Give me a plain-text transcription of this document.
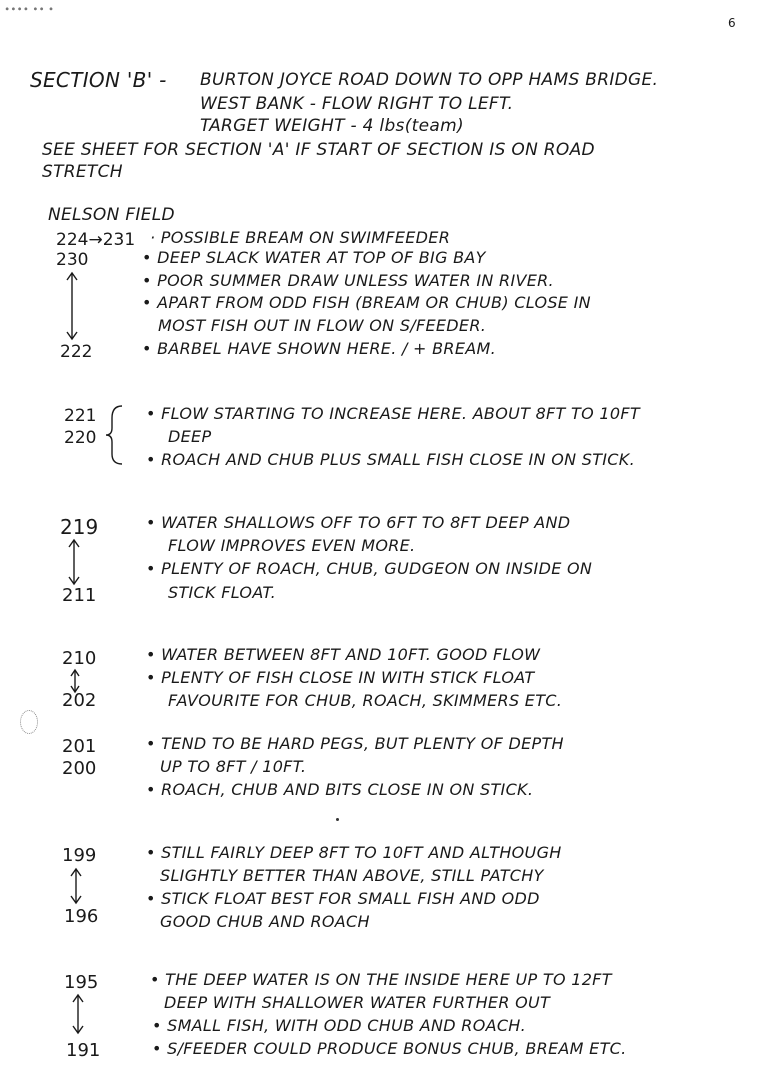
∙∙∙∙ ∙∙ ∙
6
SECTION 'B' - BURTON JOYCE ROAD DOWN TO OPP HAMS BRIDGE.
WEST BANK - FLOW RIGHT TO LEFT.
TARGET WEIGHT - 4 lbs(team)
SEE SHEET FOR SECTION 'A' IF START OF SECTION IS ON ROAD
STRETCH
NELSON FIELD
224→231 · POSSIBLE BREAM ON SWIMFEEDER
230
222
• DEEP SLACK WATER AT TOP OF BIG BAY
• POOR SUMMER DRAW UNLESS WATER IN RIVER.
• APART FROM ODD FISH (BREAM OR CHUB) CLOSE IN
MOST FISH OUT IN FLOW ON S/FEEDER.
• BARBEL HAVE SHOWN HERE. / + BREAM.
221
220
• FLOW STARTING TO INCREASE HERE. ABOUT 8FT TO 10FT
DEEP
• ROACH AND CHUB PLUS SMALL FISH CLOSE IN ON STICK.
219
211
• WATER SHALLOWS OFF TO 6FT TO 8FT DEEP AND
FLOW IMPROVES EVEN MORE.
• PLENTY OF ROACH, CHUB, GUDGEON ON INSIDE ON
STICK FLOAT.
210
202
• WATER BETWEEN 8FT AND 10FT. GOOD FLOW
• PLENTY OF FISH CLOSE IN WITH STICK FLOAT
FAVOURITE FOR CHUB, ROACH, SKIMMERS ETC.
201
200
• TEND TO BE HARD PEGS, BUT PLENTY OF DEPTH
UP TO 8FT / 10FT.
• ROACH, CHUB AND BITS CLOSE IN ON STICK.
199
196
• STILL FAIRLY DEEP 8FT TO 10FT AND ALTHOUGH
SLIGHTLY BETTER THAN ABOVE, STILL PATCHY
• STICK FLOAT BEST FOR SMALL FISH AND ODD
GOOD CHUB AND ROACH
195
191
• THE DEEP WATER IS ON THE INSIDE HERE UP TO 12FT
DEEP WITH SHALLOWER WATER FURTHER OUT
• SMALL FISH, WITH ODD CHUB AND ROACH.
• S/FEEDER COULD PRODUCE BONUS CHUB, BREAM ETC.
